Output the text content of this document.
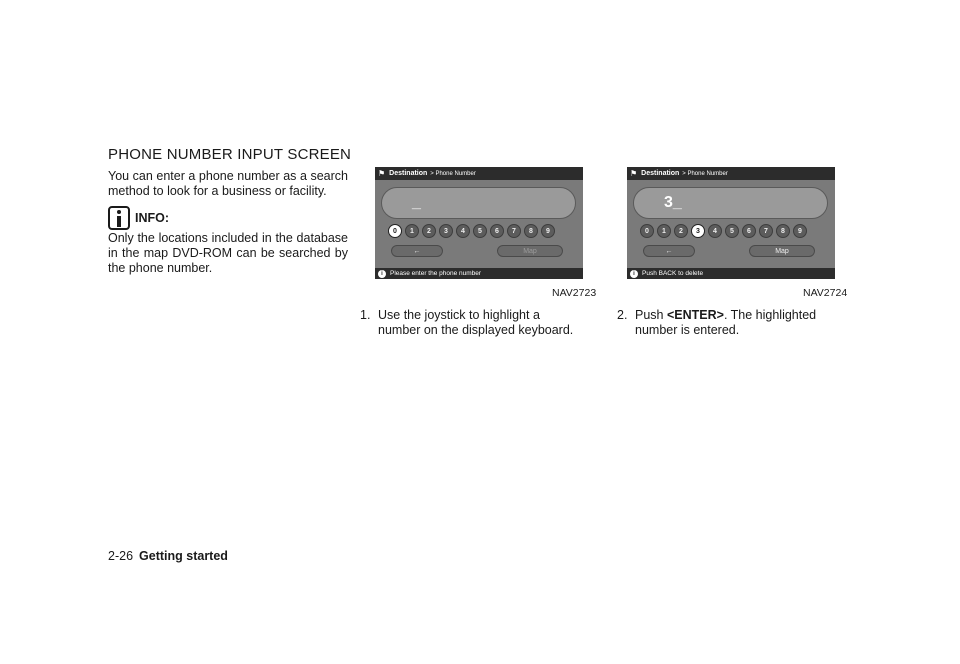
PHONE NUMBER INPUT SCREEN
You can enter a phone number as a search method to look for a business or facility.
INFO:
Only the locations included in the database in the map DVD-ROM can be searched by the phone number.
⚑ Destination > Phone Number
_
0	1	2	3	4	5	6	7	8	9
←	Map
i	Please enter the phone number
NAV2723
⚑ Destination > Phone Number
3_
0	1	2	3	4	5	6	7	8	9
←	Map
i	Push BACK to delete
NAV2724
1. Use the joystick to highlight a number on the displayed keyboard.
2. Push <ENTER>. The highlighted number is entered.
2-26 Getting started
